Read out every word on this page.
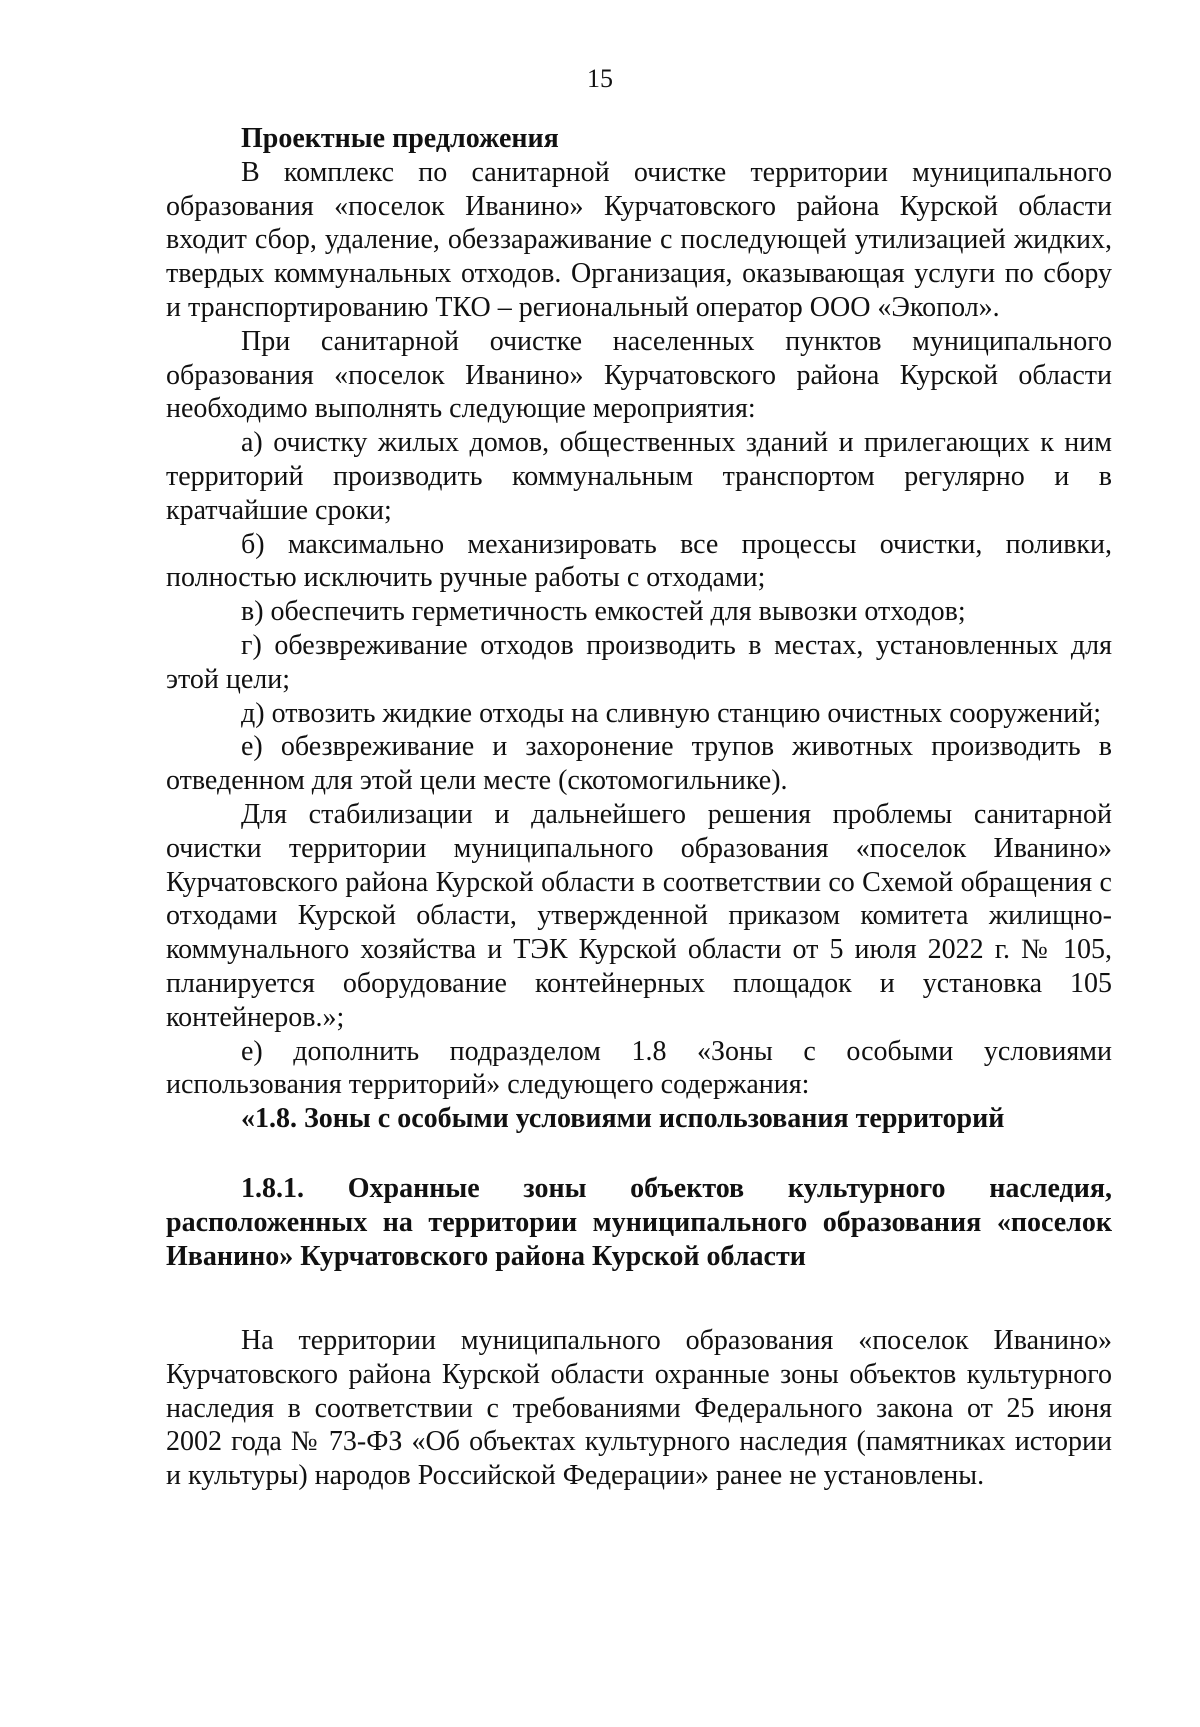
15

Проектные предложения

В комплекс по санитарной очистке территории муниципального образования «поселок Иванино» Курчатовского района Курской области входит сбор, удаление, обеззараживание с последующей утилизацией жидких, твердых коммунальных отходов. Организация, оказывающая услуги по сбору и транспортированию ТКО – региональный оператор ООО «Экопол».

При санитарной очистке населенных пунктов муниципального образования «поселок Иванино» Курчатовского района Курской области необходимо выполнять следующие мероприятия:

а) очистку жилых домов, общественных зданий и прилегающих к ним территорий производить коммунальным транспортом регулярно и в кратчайшие сроки;

б) максимально механизировать все процессы очистки, поливки, полностью исключить ручные работы с отходами;

в) обеспечить герметичность емкостей для вывозки отходов;

г) обезвреживание отходов производить в местах, установленных для этой цели;

д) отвозить жидкие отходы на сливную станцию очистных сооружений;

е) обезвреживание и захоронение трупов животных производить в отведенном для этой цели месте (скотомогильнике).

Для стабилизации и дальнейшего решения проблемы санитарной очистки территории муниципального образования «поселок Иванино» Курчатовского района Курской области в соответствии со Схемой обращения с отходами Курской области, утвержденной приказом комитета жилищно-коммунального хозяйства и ТЭК Курской области от 5 июля 2022 г. № 105, планируется оборудование контейнерных площадок и установка 105 контейнеров.»;

е) дополнить подразделом 1.8 «Зоны с особыми условиями использования территорий» следующего содержания:

«1.8. Зоны с особыми условиями использования территорий

1.8.1. Охранные зоны объектов культурного наследия, расположенных на территории муниципального образования «поселок Иванино» Курчатовского района Курской области

На территории муниципального образования «поселок Иванино» Курчатовского района Курской области охранные зоны объектов культурного наследия в соответствии с требованиями Федерального закона от 25 июня 2002 года № 73-ФЗ «Об объектах культурного наследия (памятниках истории и культуры) народов Российской Федерации» ранее не установлены.
